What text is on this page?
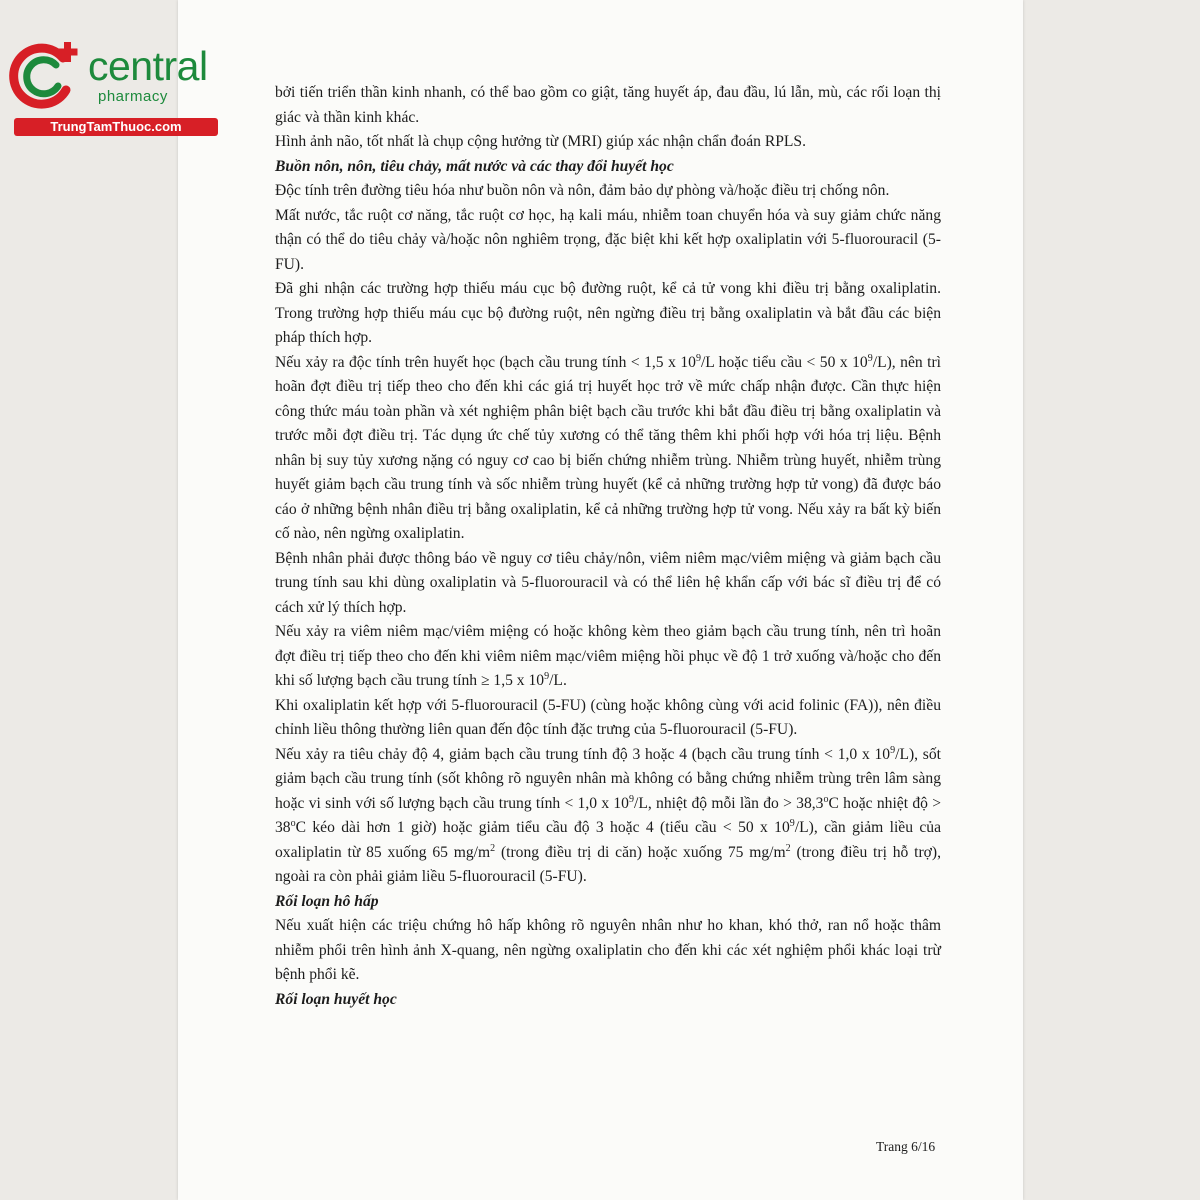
central
pharmacy
TrungTamThuoc.com

bởi tiến triển thần kinh nhanh, có thể bao gồm co giật, tăng huyết áp, đau đầu, lú lẫn, mù, các rối loạn thị giác và thần kinh khác.

Hình ảnh não, tốt nhất là chụp cộng hưởng từ (MRI) giúp xác nhận chẩn đoán RPLS.

Buồn nôn, nôn, tiêu chảy, mất nước và các thay đổi huyết học

Độc tính trên đường tiêu hóa như buồn nôn và nôn, đảm bảo dự phòng và/hoặc điều trị chống nôn.

Mất nước, tắc ruột cơ năng, tắc ruột cơ học, hạ kali máu, nhiễm toan chuyển hóa và suy giảm chức năng thận có thể do tiêu chảy và/hoặc nôn nghiêm trọng, đặc biệt khi kết hợp oxaliplatin với 5-fluorouracil (5-FU).

Đã ghi nhận các trường hợp thiếu máu cục bộ đường ruột, kể cả tử vong khi điều trị bằng oxaliplatin. Trong trường hợp thiếu máu cục bộ đường ruột, nên ngừng điều trị bằng oxaliplatin và bắt đầu các biện pháp thích hợp.

Nếu xảy ra độc tính trên huyết học (bạch cầu trung tính < 1,5 x $10^9/L$ hoặc tiểu cầu < 50 x $10^9/L$), nên trì hoãn đợt điều trị tiếp theo cho đến khi các giá trị huyết học trở về mức chấp nhận được. Cần thực hiện công thức máu toàn phần và xét nghiệm phân biệt bạch cầu trước khi bắt đầu điều trị bằng oxaliplatin và trước mỗi đợt điều trị. Tác dụng ức chế tủy xương có thể tăng thêm khi phối hợp với hóa trị liệu. Bệnh nhân bị suy tủy xương nặng có nguy cơ cao bị biến chứng nhiễm trùng. Nhiễm trùng huyết, nhiễm trùng huyết giảm bạch cầu trung tính và sốc nhiễm trùng huyết (kể cả những trường hợp tử vong) đã được báo cáo ở những bệnh nhân điều trị bằng oxaliplatin, kể cả những trường hợp tử vong. Nếu xảy ra bất kỳ biến cố nào, nên ngừng oxaliplatin.

Bệnh nhân phải được thông báo về nguy cơ tiêu chảy/nôn, viêm niêm mạc/viêm miệng và giảm bạch cầu trung tính sau khi dùng oxaliplatin và 5-fluorouracil và có thể liên hệ khẩn cấp với bác sĩ điều trị để có cách xử lý thích hợp.

Nếu xảy ra viêm niêm mạc/viêm miệng có hoặc không kèm theo giảm bạch cầu trung tính, nên trì hoãn đợt điều trị tiếp theo cho đến khi viêm niêm mạc/viêm miệng hồi phục về độ 1 trở xuống và/hoặc cho đến khi số lượng bạch cầu trung tính ≥ 1,5 x $10^9/L$.

Khi oxaliplatin kết hợp với 5-fluorouracil (5-FU) (cùng hoặc không cùng với acid folinic (FA)), nên điều chỉnh liều thông thường liên quan đến độc tính đặc trưng của 5-fluorouracil (5-FU).

Nếu xảy ra tiêu chảy độ 4, giảm bạch cầu trung tính độ 3 hoặc 4 (bạch cầu trung tính < 1,0 x $10^9/L$), sốt giảm bạch cầu trung tính (sốt không rõ nguyên nhân mà không có bằng chứng nhiễm trùng trên lâm sàng hoặc vi sinh với số lượng bạch cầu trung tính < 1,0 x $10^9/L$, nhiệt độ mỗi lần đo > $38,3^oC$ hoặc nhiệt độ > $38^oC$ kéo dài hơn 1 giờ) hoặc giảm tiểu cầu độ 3 hoặc 4 (tiểu cầu < 50 x $10^9/L$), cần giảm liều của oxaliplatin từ 85 xuống 65 $mg/m^2$ (trong điều trị di căn) hoặc xuống 75 $mg/m^2$ (trong điều trị hỗ trợ), ngoài ra còn phải giảm liều 5-fluorouracil (5-FU).

Rối loạn hô hấp

Nếu xuất hiện các triệu chứng hô hấp không rõ nguyên nhân như ho khan, khó thở, ran nổ hoặc thâm nhiễm phổi trên hình ảnh X-quang, nên ngừng oxaliplatin cho đến khi các xét nghiệm phổi khác loại trừ bệnh phổi kẽ.

Rối loạn huyết học

Trang 6/16
